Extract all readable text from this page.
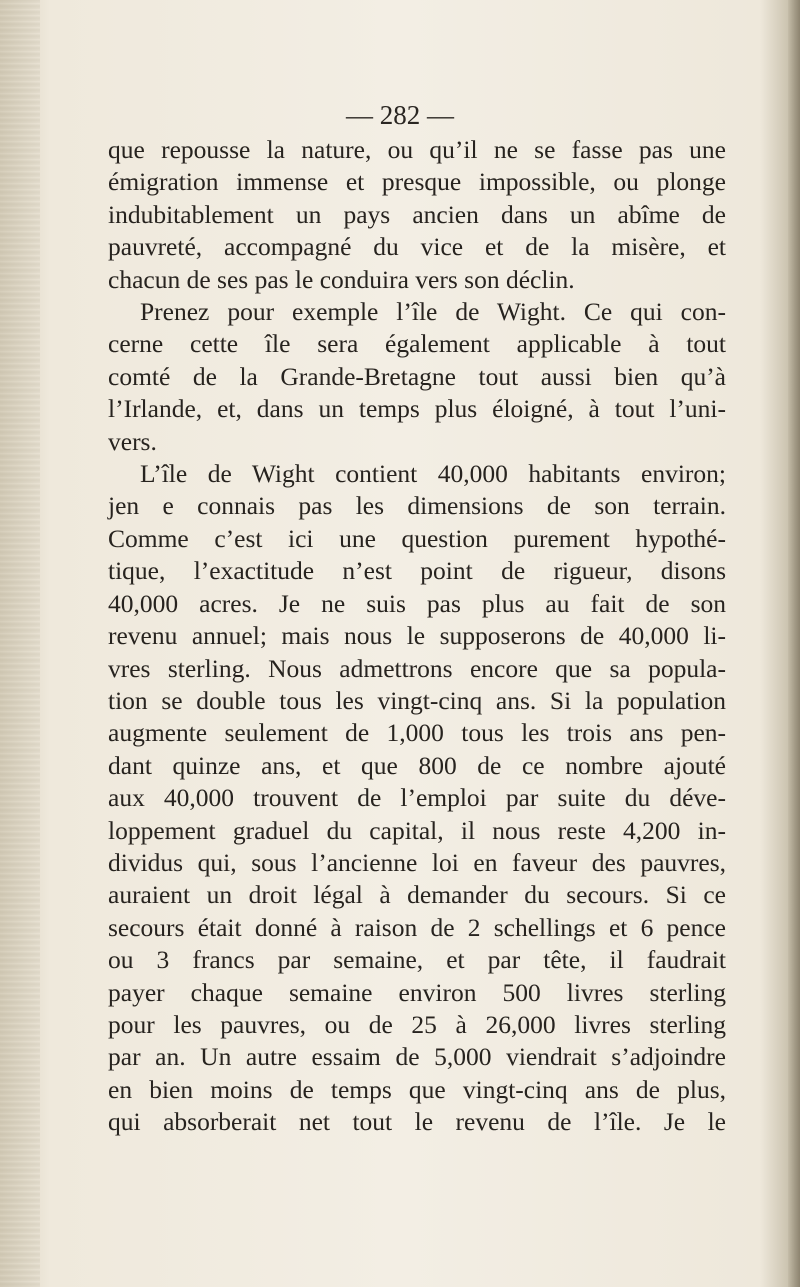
— 282 —
que repousse la nature, ou qu’il ne se fasse pas une
émigration immense et presque impossible, ou plonge
indubitablement un pays ancien dans un abîme de
pauvreté, accompagné du vice et de la misère, et
chacun de ses pas le conduira vers son déclin.
Prenez pour exemple l’île de Wight. Ce qui con-
cerne cette île sera également applicable à tout
comté de la Grande-Bretagne tout aussi bien qu’à
l’Irlande, et, dans un temps plus éloigné, à tout l’uni-
vers.
L’île de Wight contient 40,000 habitants environ;
jen e connais pas les dimensions de son terrain.
Comme c’est ici une question purement hypothé-
tique, l’exactitude n’est point de rigueur, disons
40,000 acres. Je ne suis pas plus au fait de son
revenu annuel; mais nous le supposerons de 40,000 li-
vres sterling. Nous admettrons encore que sa popula-
tion se double tous les vingt-cinq ans. Si la population
augmente seulement de 1,000 tous les trois ans pen-
dant quinze ans, et que 800 de ce nombre ajouté
aux 40,000 trouvent de l’emploi par suite du déve-
loppement graduel du capital, il nous reste 4,200 in-
dividus qui, sous l’ancienne loi en faveur des pauvres,
auraient un droit légal à demander du secours. Si ce
secours était donné à raison de 2 schellings et 6 pence
ou 3 francs par semaine, et par tête, il faudrait
payer chaque semaine environ 500 livres sterling
pour les pauvres, ou de 25 à 26,000 livres sterling
par an. Un autre essaim de 5,000 viendrait s’adjoindre
en bien moins de temps que vingt-cinq ans de plus,
qui absorberait net tout le revenu de l’île. Je le
